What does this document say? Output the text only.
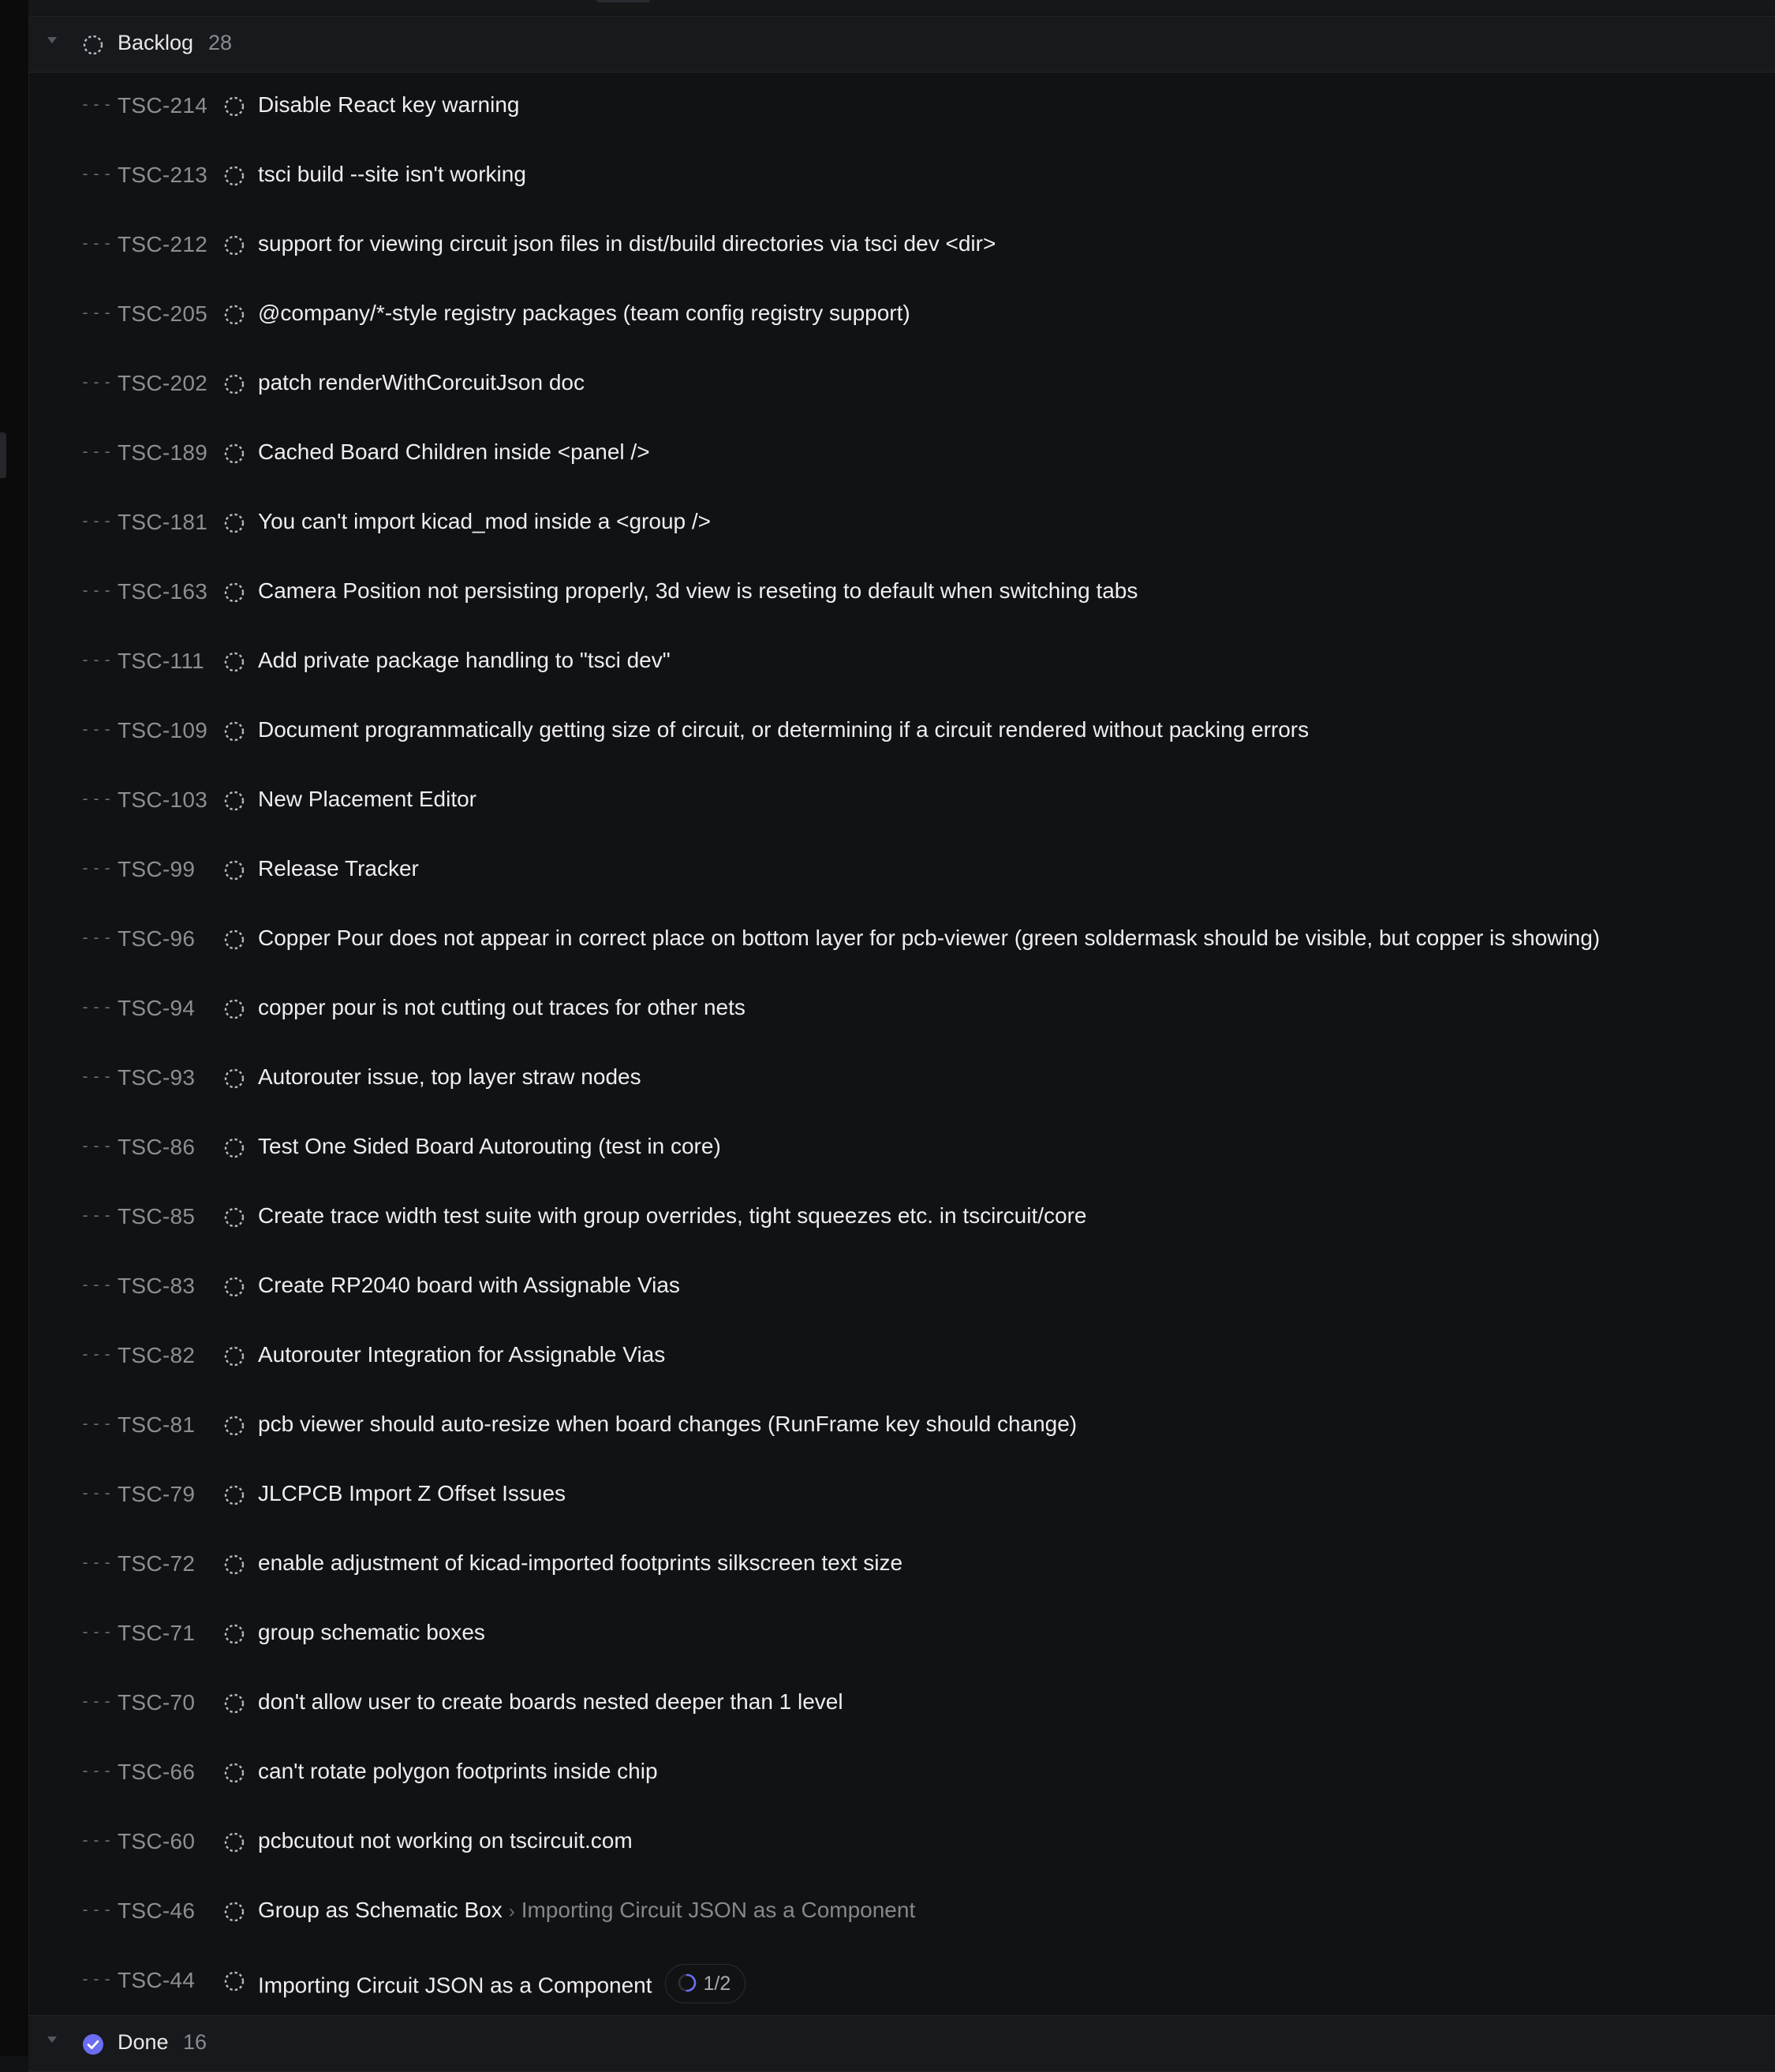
Backlog 28
--- TSC-214 Disable React key warning
--- TSC-213 tsci build --site isn't working
--- TSC-212 support for viewing circuit json files in dist/build directories via tsci dev <dir>
--- TSC-205 @company/*-style registry packages (team config registry support)
--- TSC-202 patch renderWithCorcuitJson doc
--- TSC-189 Cached Board Children inside <panel />
--- TSC-181 You can't import kicad_mod inside a <group />
--- TSC-163 Camera Position not persisting properly, 3d view is reseting to default when switching tabs
--- TSC-111 Add private package handling to "tsci dev"
--- TSC-109 Document programmatically getting size of circuit, or determining if a circuit rendered without packing errors
--- TSC-103 New Placement Editor
--- TSC-99	Release Tracker
--- TSC-96	Copper Pour does not appear in correct place on bottom layer for pcb-viewer (green soldermask should be visible, but copper is showing)
--- TSC-94	copper pour is not cutting out traces for other nets
--- TSC-93	Autorouter issue, top layer straw nodes
--- TSC-86	Test One Sided Board Autorouting (test in core)
--- TSC-85	Create trace width test suite with group overrides, tight squeezes etc. in tscircuit/core
--- TSC-83	Create RP2040 board with Assignable Vias
--- TSC-82	Autorouter Integration for Assignable Vias
--- TSC-81	pcb viewer should auto-resize when board changes (RunFrame key should change)
--- TSC-79	JLCPCB Import Z Offset Issues
--- TSC-72	enable adjustment of kicad-imported footprints silkscreen text size
--- TSC-71	group schematic boxes
--- TSC-70	don't allow user to create boards nested deeper than 1 level
--- TSC-66	can't rotate polygon footprints inside chip
--- TSC-60	pcbcutout not working on tscircuit.com
--- TSC-46	Group as Schematic Box › Importing Circuit JSON as a Component
--- TSC-44	Importing Circuit JSON as a Component	1/2
Done 16
